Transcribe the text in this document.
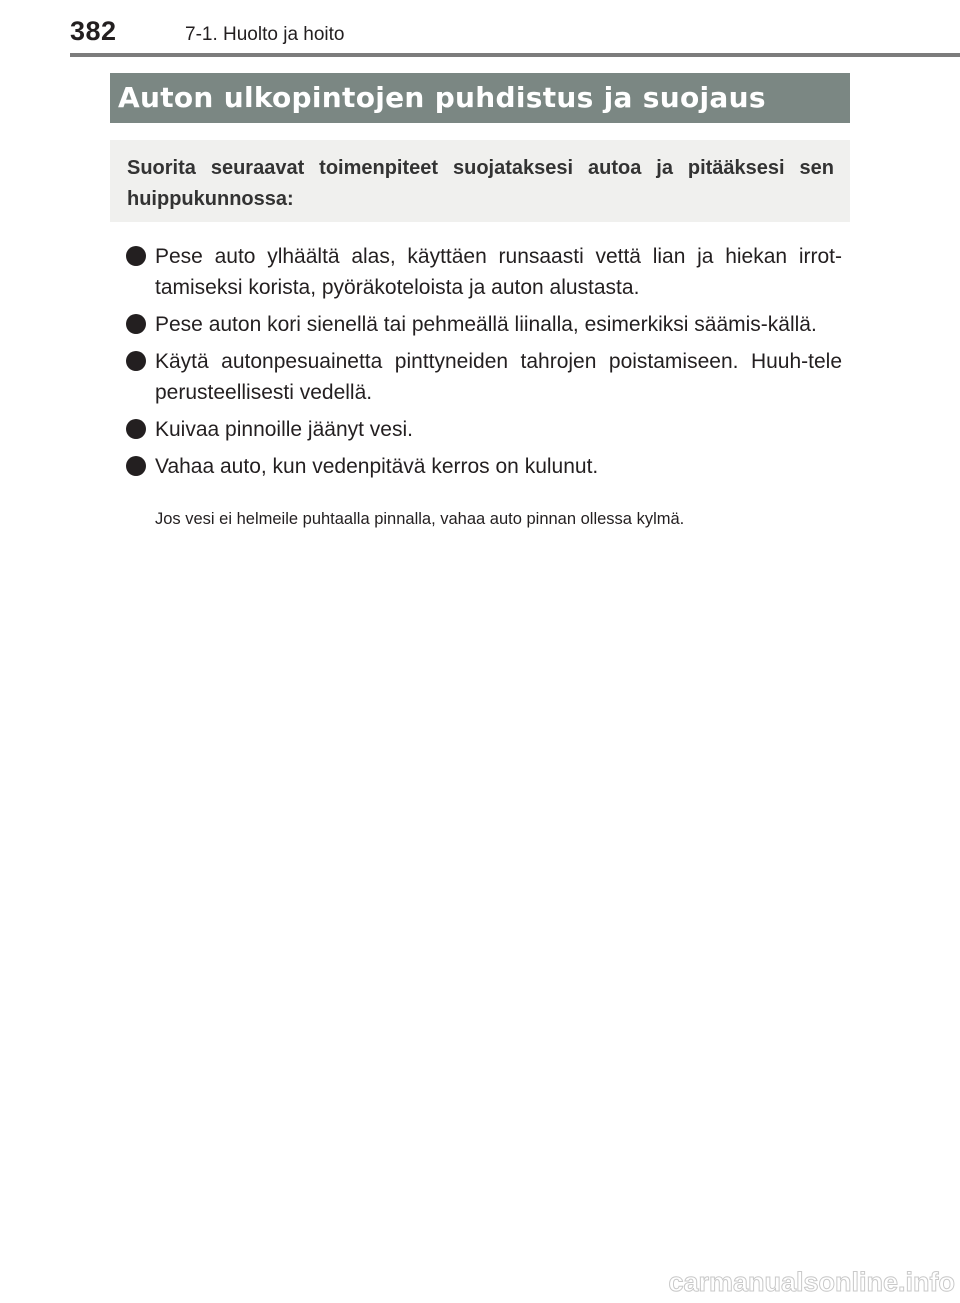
382	7-1. Huolto ja hoito
Auton ulkopintojen puhdistus ja suojaus

Suorita seuraavat toimenpiteet suojataksesi autoa ja pitääksesi sen huippukunnossa:

Pese auto ylhäältä alas, käyttäen runsaasti vettä lian ja hiekan irrot-tamiseksi korista, pyöräkoteloista ja auton alustasta.
Pese auton kori sienellä tai pehmeällä liinalla, esimerkiksi säämis-källä.
Käytä autonpesuainetta pinttyneiden tahrojen poistamiseen. Huuh-tele perusteellisesti vedellä.
Kuivaa pinnoille jäänyt vesi.
Vahaa auto, kun vedenpitävä kerros on kulunut.

Jos vesi ei helmeile puhtaalla pinnalla, vahaa auto pinnan ollessa kylmä.

carmanualsonline.info
